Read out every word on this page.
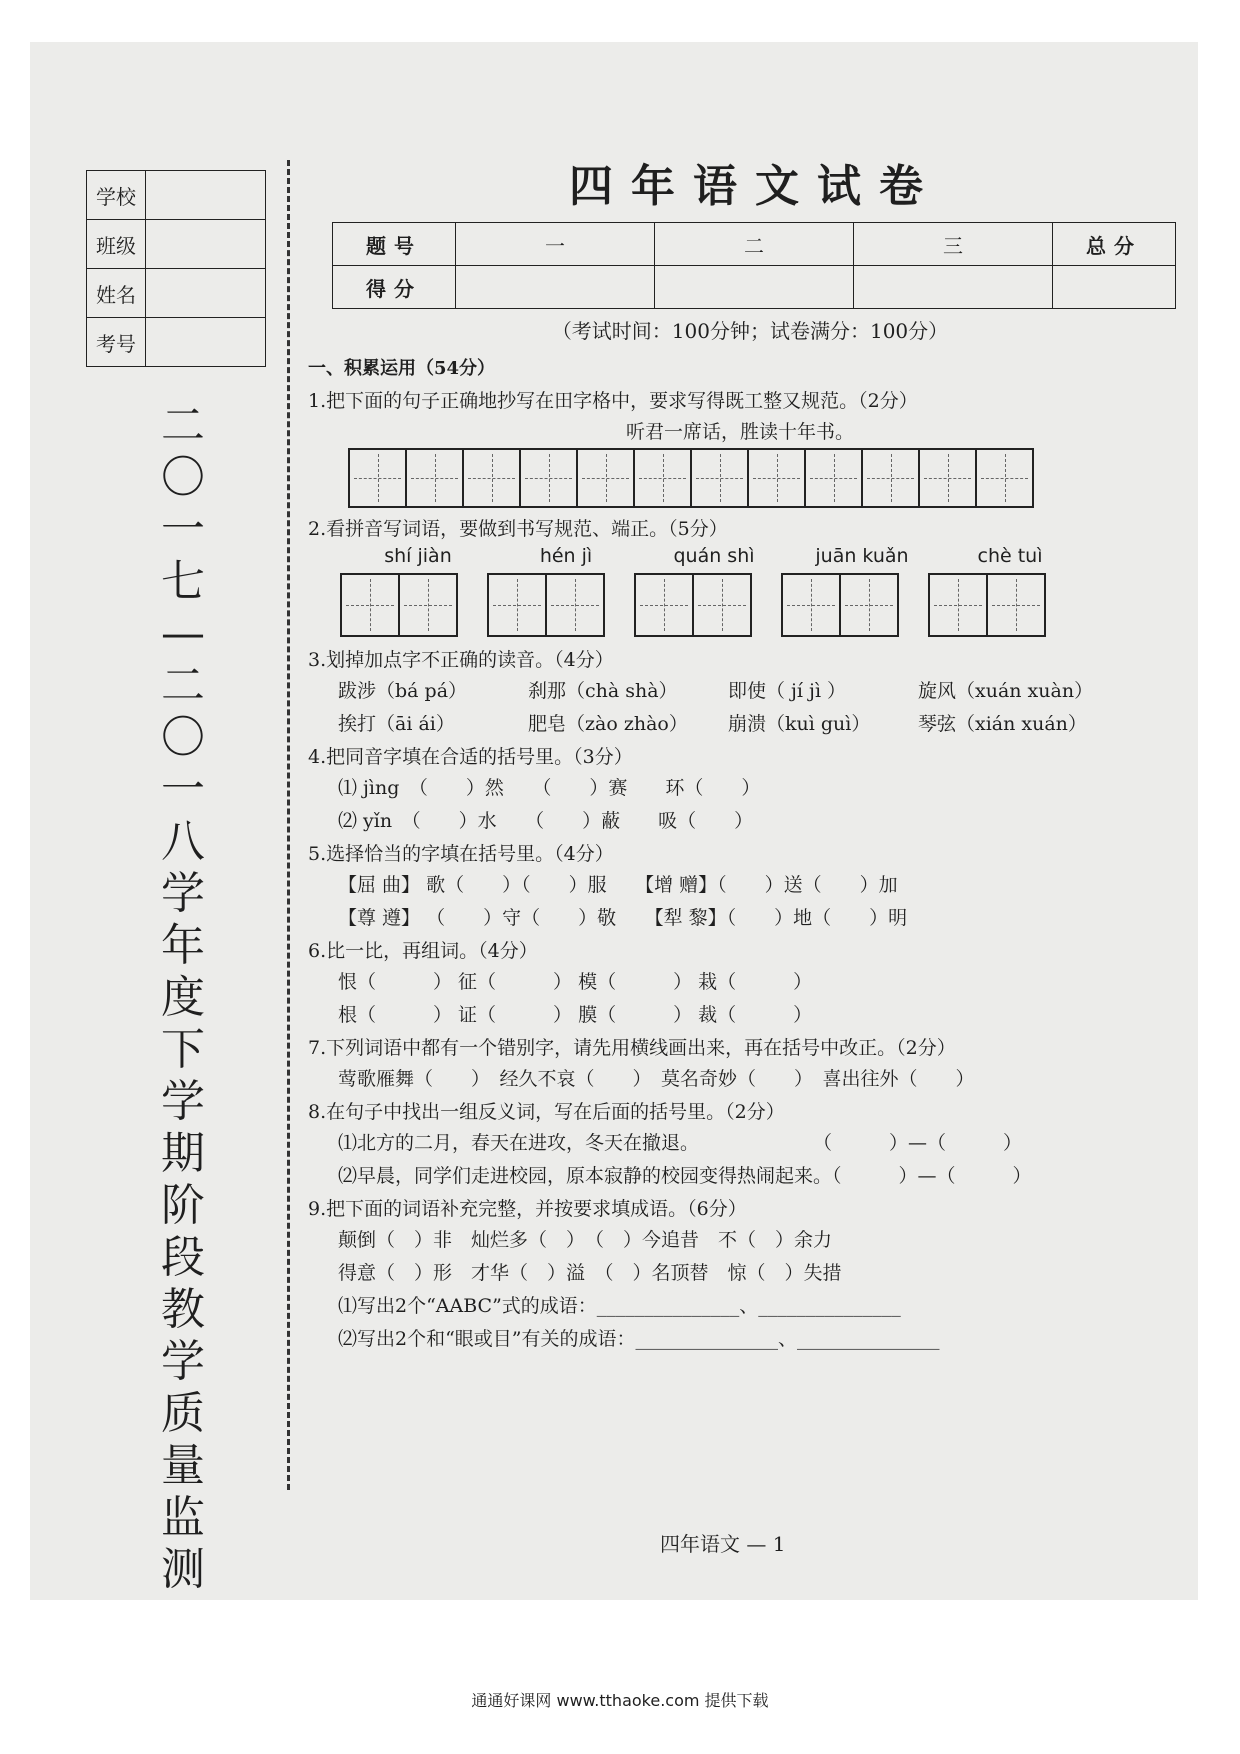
学校	
班级	
姓名	
考号	
二〇一七—二〇一八学年度下学期阶段教学质量监测
四年语文试卷
题号	一	二	三	总分
得分				
（考试时间：100分钟；试卷满分：100分）
一、积累运用（54分）
1.把下面的句子正确地抄写在田字格中，要求写得既工整又规范。（2分）
听君一席话，胜读十年书。
2.看拼音写词语，要做到书写规范、端正。（5分）
shí jiàn	hén jì	quán shì	juān kuǎn	chè tuì
3.划掉加点字不正确的读音。（4分）
跋涉（bá pá）	刹那（chà shà）	即使（ jí jì ）	旋风（xuán xuàn）
挨打（āi ái）	肥皂（zào zhào） 崩溃（kuì guì）	琴弦（xián xuán）
4.把同音字填在合适的括号里。（3分）
⑴ jìng　（　　）然　　（　　）赛　　环（　　）
⑵ yǐn　（　　）水　　（　　）蔽　　吸（　　）
5.选择恰当的字填在括号里。（4分）
【屈 曲】 歌（　　）（　　）服　　【增 赠】（　　）送（　　）加
【尊 遵】 （　　）守（　　）敬　　【犁 黎】（　　）地（　　）明
6.比一比，再组词。（4分）
恨（　　　） 征（　　　） 模（　　　） 栽（　　　）
根（　　　） 证（　　　） 膜（　　　） 裁（　　　）
7.下列词语中都有一个错别字，请先用横线画出来，再在括号中改正。（2分）
莺歌雁舞（　　）　经久不哀（　　）　莫名奇妙（　　）　喜出往外（　　）
8.在句子中找出一组反义词，写在后面的括号里。（2分）
⑴北方的二月，春天在进攻，冬天在撤退。　　　　　　　（　　　）—（　　　）
⑵早晨，同学们走进校园，原本寂静的校园变得热闹起来。（　　　）—（　　　）
9.把下面的词语补充完整，并按要求填成语。（6分）
颠倒（　）非　灿烂多（　）　（　）今追昔　不（　）余力
得意（　）形　才华（　）溢　（　）名顶替　惊（　）失措
⑴写出2个“AABC”式的成语：_______________、_______________
⑵写出2个和“眼或目”有关的成语：_______________、_______________
四年语文 — 1
通通好课网 www.tthaoke.com 提供下载
